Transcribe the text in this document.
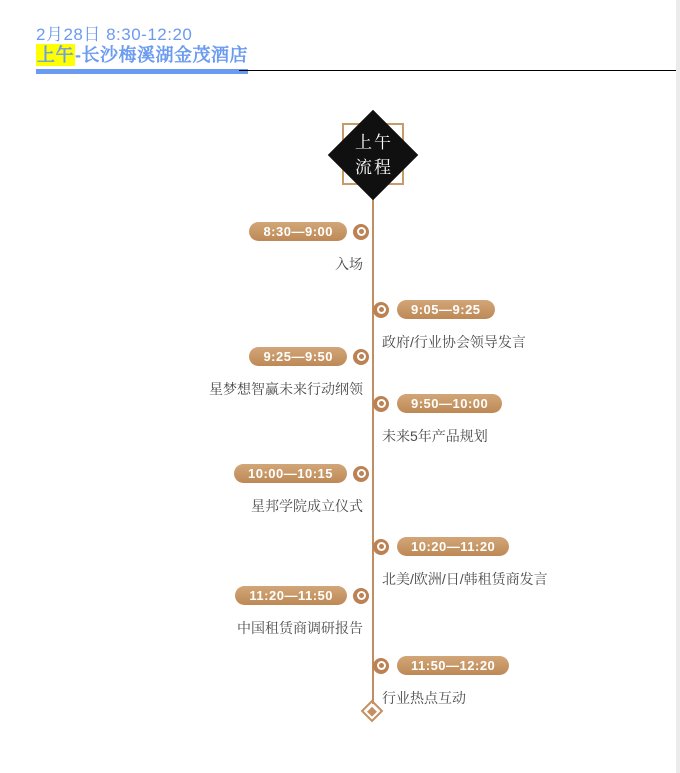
2月28日 8:30-12:20
上午-长沙梅溪湖金茂酒店
上午
流程
8:30—9:00
入场
9:05—9:25
政府/行业协会领导发言
9:25—9:50
星梦想智赢未来行动纲领
9:50—10:00
未来5年产品规划
10:00—10:15
星邦学院成立仪式
10:20—11:20
北美/欧洲/日/韩租赁商发言
11:20—11:50
中国租赁商调研报告
11:50—12:20
行业热点互动
